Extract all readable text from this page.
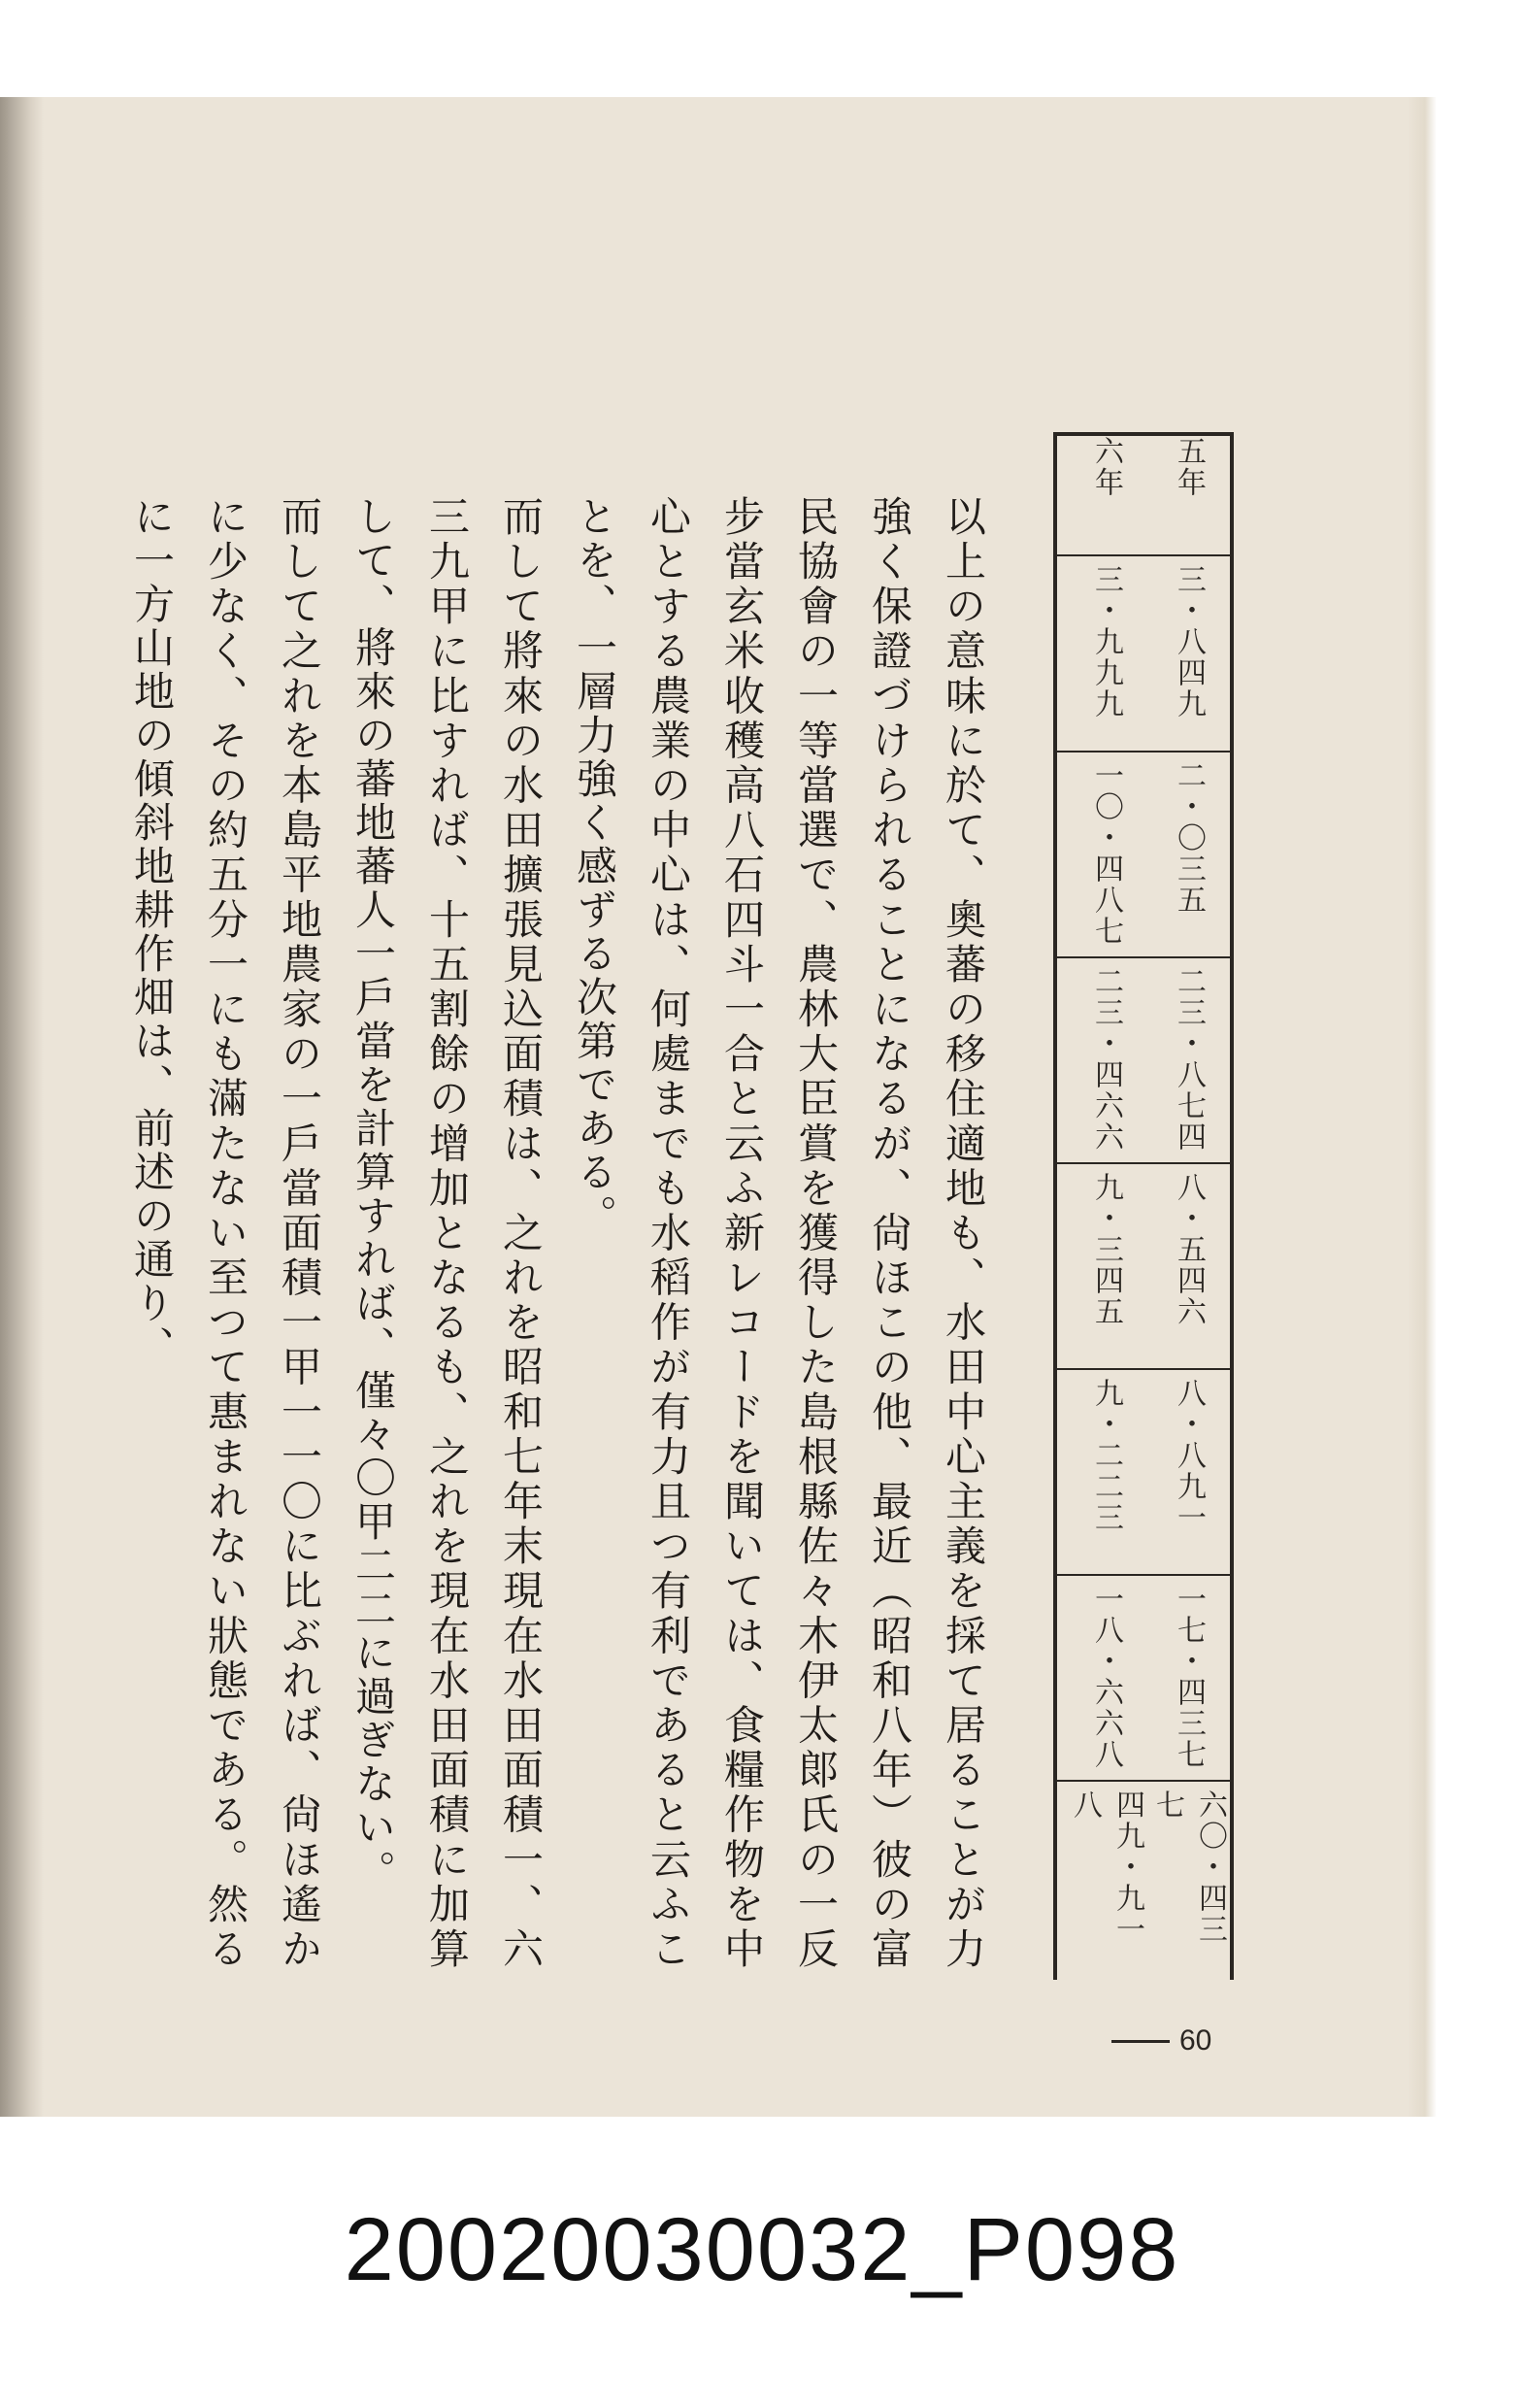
五年
六年
三・八四九
三・九九九
二・〇三五
一〇・四八七
二三・八七四
二三・四六六
八・五四六
九・三四五
八・八九一
九・二二三
一七・四三七
一八・六六八
六〇・四三七
四九・九一八

以上の意味に於て、奧蕃の移住適地も、水田中心主義を採て居ることが力強く保證づけられることになるが、尙ほこの他、最近（昭和八年）彼の富民協會の一等當選で、農林大臣賞を獲得した島根縣佐々木伊太郞氏の一反步當玄米收穫高八石四斗一合と云ふ新レコードを聞いては、食糧作物を中心とする農業の中心は、何處までも水稻作が有力且つ有利であると云ふことを、一層力強く感ずる次第である。

而して將來の水田擴張見込面積は、之れを昭和七年末現在水田面積一、六三九甲に比すれば、十五割餘の增加となるも、之れを現在水田面積に加算して、將來の蕃地蕃人一戶當を計算すれば、僅々〇甲二二に過ぎない。

而して之れを本島平地農家の一戶當面積一甲一一〇に比ぶれば、尙ほ遙かに少なく、その約五分一にも滿たない至つて惠まれない狀態である。然るに一方山地の傾斜地耕作畑は、前述の通り、

60
20020030032_P098
